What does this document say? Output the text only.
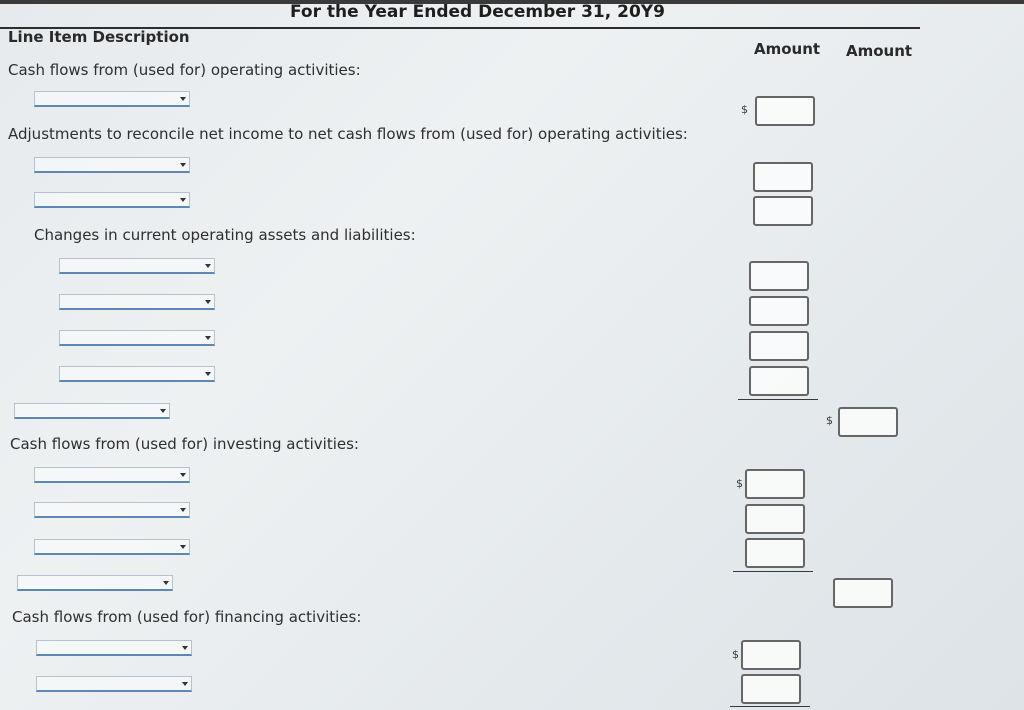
For the Year Ended December 31, 20Y9
Line Item Description
Amount Amount
Cash flows from (used for) operating activities:
$
Adjustments to reconcile net income to net cash flows from (used for) operating activities:
Changes in current operating assets and liabilities:
$
Cash flows from (used for) investing activities:
$
Cash flows from (used for) financing activities:
$
